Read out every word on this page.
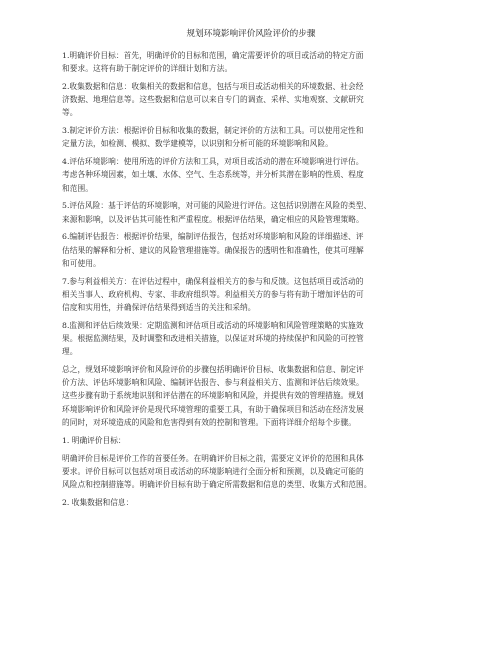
规划环境影响评价风险评价的步骤
1.明确评价目标：首先，明确评价的目标和范围，确定需要评价的项目或活动的特定方面
和要求。这将有助于制定评价的详细计划和方法。
2.收集数据和信息：收集相关的数据和信息，包括与项目或活动相关的环境数据、社会经
济数据、地理信息等。这些数据和信息可以来自专门的调查、采样、实地观察、文献研究
等。
3.制定评价方法：根据评价目标和收集的数据，制定评价的方法和工具。可以使用定性和
定量方法，如检测、模拟、数学建模等，以识别和分析可能的环境影响和风险。
4.评估环境影响：使用所选的评价方法和工具，对项目或活动的潜在环境影响进行评估。
考虑各种环境因素，如土壤、水体、空气、生态系统等，并分析其潜在影响的性质、程度
和范围。
5.评估风险：基于评估的环境影响，对可能的风险进行评估。这包括识别潜在风险的类型、
来源和影响，以及评估其可能性和严重程度。根据评估结果，确定相应的风险管理策略。
6.编制评估报告：根据评价结果，编制评估报告，包括对环境影响和风险的详细描述、评
估结果的解释和分析、建议的风险管理措施等。确保报告的透明性和准确性，使其可理解
和可使用。
7.参与利益相关方：在评估过程中，确保利益相关方的参与和反馈。这包括项目或活动的
相关当事人、政府机构、专家、非政府组织等。利益相关方的参与将有助于增加评估的可
信度和实用性，并确保评估结果得到适当的关注和采纳。
8.监测和评估后续效果：定期监测和评估项目或活动的环境影响和风险管理策略的实施效
果。根据监测结果，及时调整和改进相关措施，以保证对环境的持续保护和风险的可控管
理。
总之，规划环境影响评价和风险评价的步骤包括明确评价目标、收集数据和信息、制定评
价方法、评估环境影响和风险、编制评估报告、参与利益相关方、监测和评估后续效果。
这些步骤有助于系统地识别和评估潜在的环境影响和风险，并提供有效的管理措施。规划
环境影响评价和风险评价是现代环境管理的重要工具，有助于确保项目和活动在经济发展
的同时，对环境造成的风险和危害得到有效的控制和管理。下面将详细介绍每个步骤。
1. 明确评价目标：
明确评价目标是评价工作的首要任务。在明确评价目标之前，需要定义评价的范围和具体
要求。评价目标可以包括对项目或活动的环境影响进行全面分析和预测，以及确定可能的
风险点和控制措施等。明确评价目标有助于确定所需数据和信息的类型、收集方式和范围。
2. 收集数据和信息：
